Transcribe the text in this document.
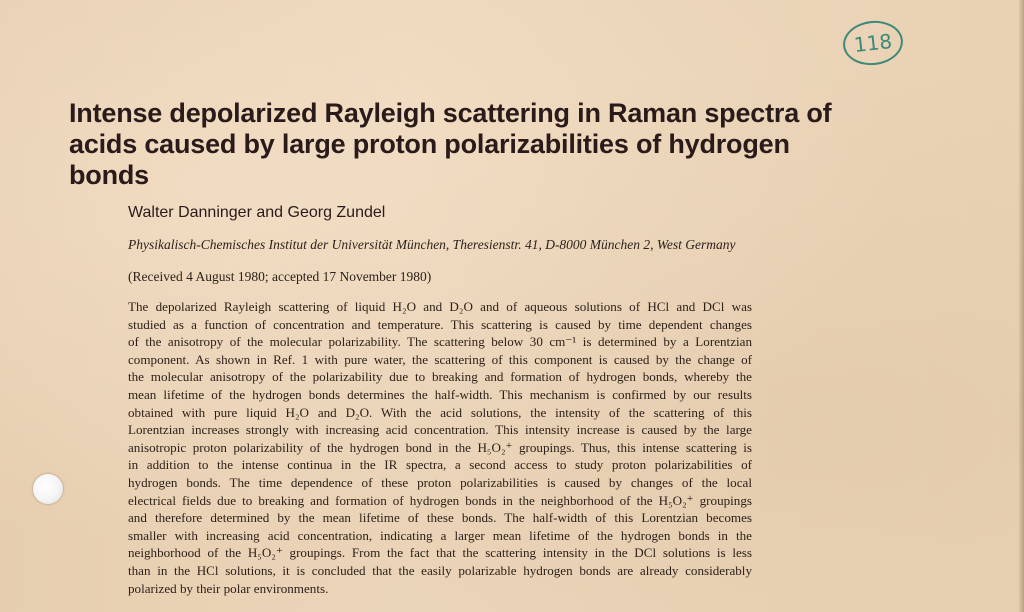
118
Intense depolarized Rayleigh scattering in Raman spectra of acids caused by large proton polarizabilities of hydrogen bonds
Walter Danninger and Georg Zundel
Physikalisch-Chemisches Institut der Universität München, Theresienstr. 41, D-8000 München 2, West Germany
(Received 4 August 1980; accepted 17 November 1980)
The depolarized Rayleigh scattering of liquid H₂O and D₂O and of aqueous solutions of HCl and DCl was
studied as a function of concentration and temperature. This scattering is caused by time dependent changes
of the anisotropy of the molecular polarizability. The scattering below 30 cm⁻¹ is determined by a Lorentzian
component. As shown in Ref. 1 with pure water, the scattering of this component is caused by the change of
the molecular anisotropy of the polarizability due to breaking and formation of hydrogen bonds, whereby the
mean lifetime of the hydrogen bonds determines the half-width. This mechanism is confirmed by our results
obtained with pure liquid H₂O and D₂O. With the acid solutions, the intensity of the scattering of this
Lorentzian increases strongly with increasing acid concentration. This intensity increase is caused by the large
anisotropic proton polarizability of the hydrogen bond in the H₅O₂⁺ groupings. Thus, this intense scattering is
in addition to the intense continua in the IR spectra, a second access to study proton polarizabilities of
hydrogen bonds. The time dependence of these proton polarizabilities is caused by changes of the local
electrical fields due to breaking and formation of hydrogen bonds in the neighborhood of the H₅O₂⁺ groupings
and therefore determined by the mean lifetime of these bonds. The half-width of this Lorentzian becomes
smaller with increasing acid concentration, indicating a larger mean lifetime of the hydrogen bonds in the
neighborhood of the H₅O₂⁺ groupings. From the fact that the scattering intensity in the DCl solutions is less
than in the HCl solutions, it is concluded that the easily polarizable hydrogen bonds are already considerably
polarized by their polar environments.
